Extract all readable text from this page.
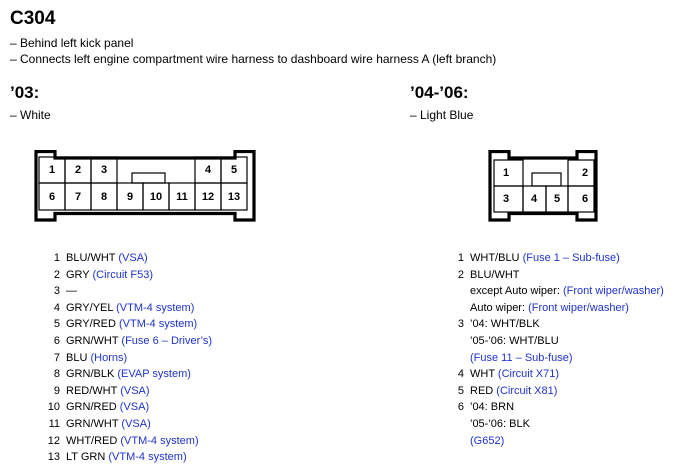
C304
– Behind left kick panel
– Connects left engine compartment wire harness to dashboard wire harness A (left branch)
’03:
– White
’04-’06:
– Light Blue
1 2 3	4 5
6 7 8 9 10 11 12 13
1	2
3 4 5 6
1 BLU/WHT (VSA)
2 GRY (Circuit F53)
3 —
4 GRY/YEL (VTM-4 system)
5 GRY/RED (VTM-4 system)
6 GRN/WHT (Fuse 6 – Driver’s)
7 BLU (Horns)
8 GRN/BLK (EVAP system)
9 RED/WHT (VSA)
10 GRN/RED (VSA)
11 GRN/WHT (VSA)
12 WHT/RED (VTM-4 system)
13 LT GRN (VTM-4 system)
1 WHT/BLU (Fuse 1 – Sub-fuse)
2 BLU/WHT
except Auto wiper: (Front wiper/washer)
Auto wiper: (Front wiper/washer)
3 ’04: WHT/BLK
’05-’06: WHT/BLU
(Fuse 11 – Sub-fuse)
4 WHT (Circuit X71)
5 RED (Circuit X81)
6 ’04: BRN
’05-’06: BLK
(G652)
